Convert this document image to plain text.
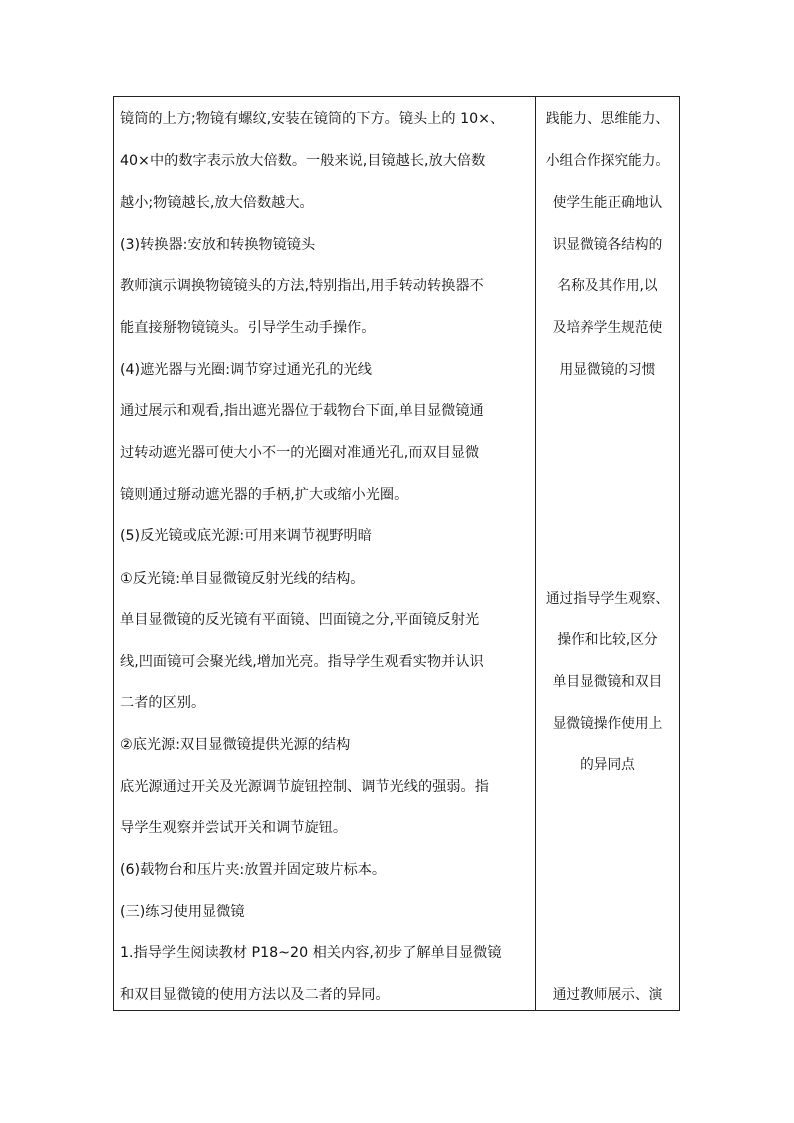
镜筒的上方;物镜有螺纹,安装在镜筒的下方。镜头上的 10×、
40×中的数字表示放大倍数。一般来说,目镜越长,放大倍数
越小;物镜越长,放大倍数越大。
(3)转换器:安放和转换物镜镜头
教师演示调换物镜镜头的方法,特别指出,用手转动转换器不
能直接掰物镜镜头。引导学生动手操作。
(4)遮光器与光圈:调节穿过通光孔的光线
通过展示和观看,指出遮光器位于载物台下面,单目显微镜通
过转动遮光器可使大小不一的光圈对准通光孔,而双目显微
镜则通过掰动遮光器的手柄,扩大或缩小光圈。
(5)反光镜或底光源:可用来调节视野明暗
①反光镜:单目显微镜反射光线的结构。
单目显微镜的反光镜有平面镜、凹面镜之分,平面镜反射光
线,凹面镜可会聚光线,增加光亮。指导学生观看实物并认识
二者的区别。
②底光源:双目显微镜提供光源的结构
底光源通过开关及光源调节旋钮控制、调节光线的强弱。指
导学生观察并尝试开关和调节旋钮。
(6)载物台和压片夹:放置并固定玻片标本。
(三)练习使用显微镜
1.指导学生阅读教材 P18~20 相关内容,初步了解单目显微镜
和双目显微镜的使用方法以及二者的异同。
践能力、思维能力、
小组合作探究能力。
使学生能正确地认
识显微镜各结构的
名称及其作用,以
及培养学生规范使
用显微镜的习惯
通过指导学生观察、
操作和比较,区分
单目显微镜和双目
显微镜操作使用上
的异同点
通过教师展示、演
